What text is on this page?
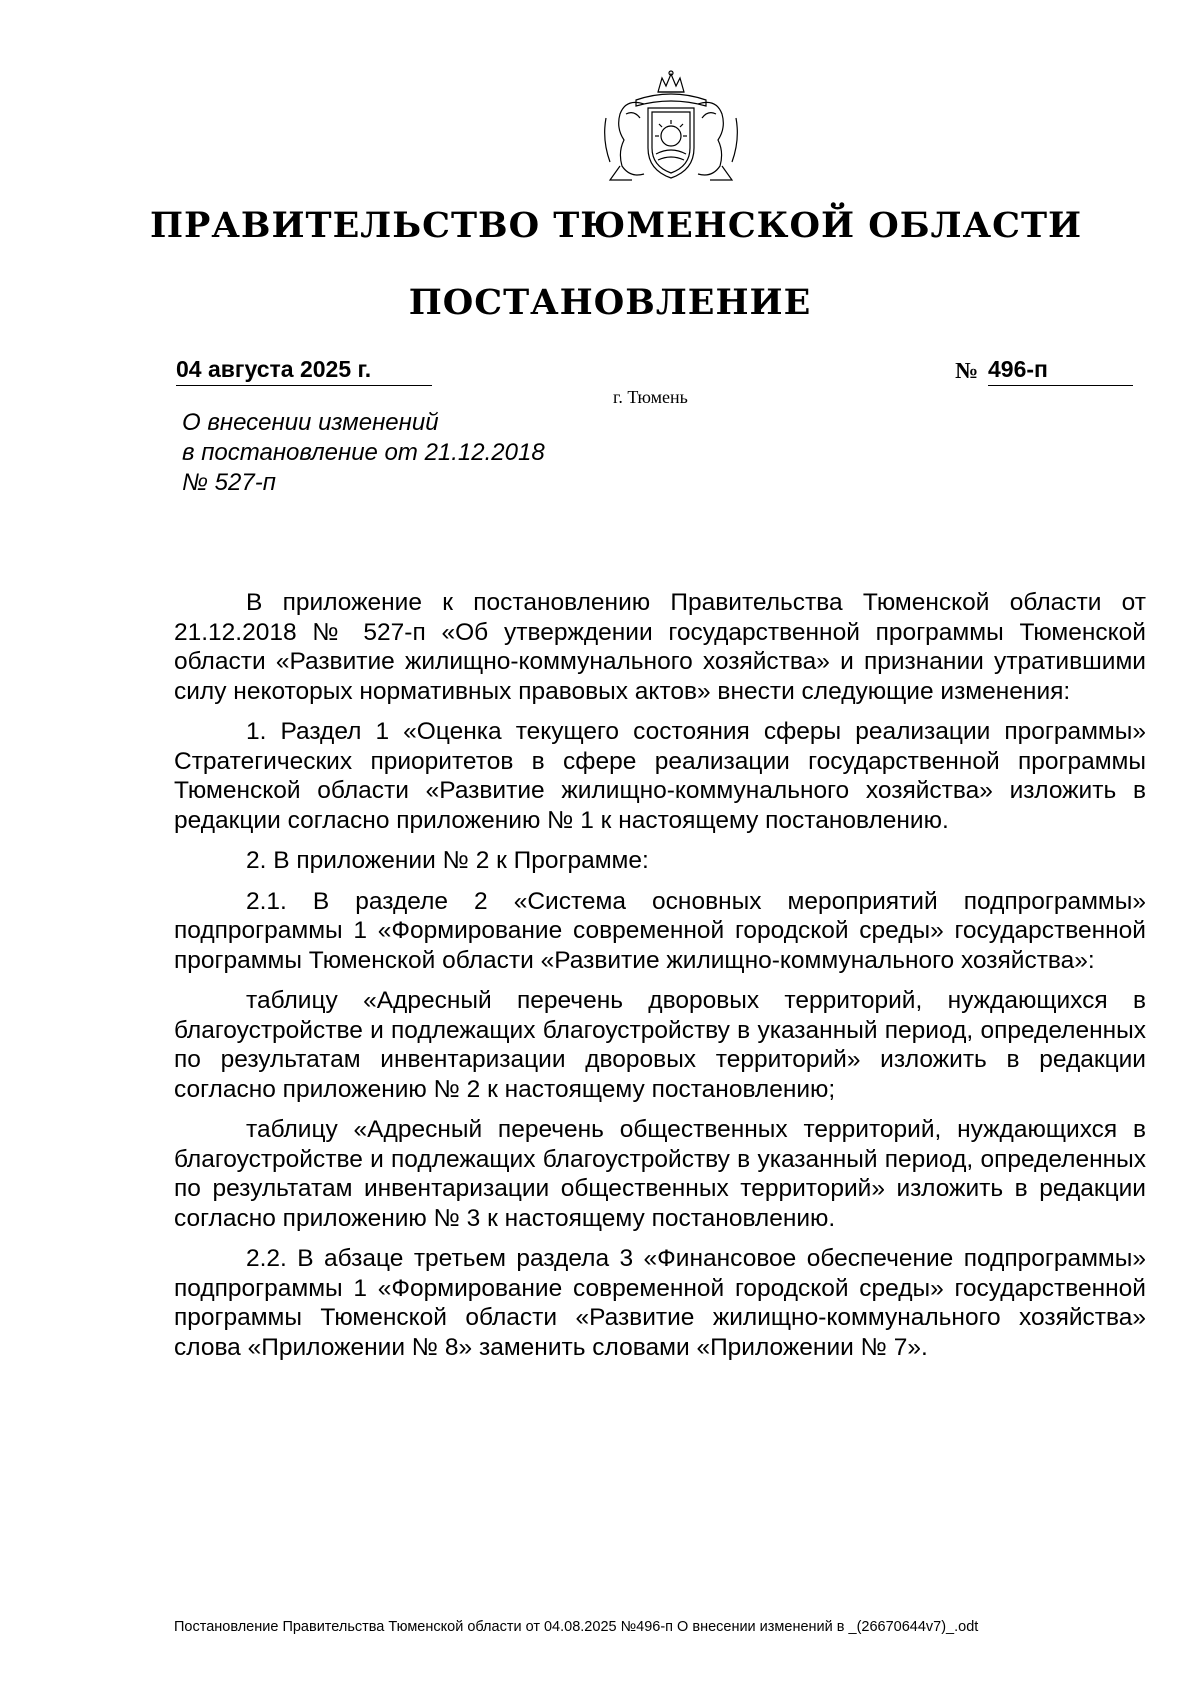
ПРАВИТЕЛЬСТВО ТЮМЕНСКОЙ ОБЛАСТИ
ПОСТАНОВЛЕНИЕ
04 августа 2025 г.	№ 496-п
г. Тюмень
О внесении изменений
в постановление от 21.12.2018
№ 527-п

В приложение к постановлению Правительства Тюменской области от 21.12.2018 № 527-п «Об утверждении государственной программы Тюменской области «Развитие жилищно-коммунального хозяйства» и признании утратившими силу некоторых нормативных правовых актов» внести следующие изменения:

1. Раздел 1 «Оценка текущего состояния сферы реализации программы» Стратегических приоритетов в сфере реализации государственной программы Тюменской области «Развитие жилищно-коммунального хозяйства» изложить в редакции согласно приложению № 1 к настоящему постановлению.

2. В приложении № 2 к Программе:

2.1. В разделе 2 «Система основных мероприятий подпрограммы» подпрограммы 1 «Формирование современной городской среды» государственной программы Тюменской области «Развитие жилищно-коммунального хозяйства»:

таблицу «Адресный перечень дворовых территорий, нуждающихся в благоустройстве и подлежащих благоустройству в указанный период, определенных по результатам инвентаризации дворовых территорий» изложить в редакции согласно приложению № 2 к настоящему постановлению;

таблицу «Адресный перечень общественных территорий, нуждающихся в благоустройстве и подлежащих благоустройству в указанный период, определенных по результатам инвентаризации общественных территорий» изложить в редакции согласно приложению № 3 к настоящему постановлению.

2.2. В абзаце третьем раздела 3 «Финансовое обеспечение подпрограммы» подпрограммы 1 «Формирование современной городской среды» государственной программы Тюменской области «Развитие жилищно-коммунального хозяйства» слова «Приложении № 8» заменить словами «Приложении № 7».

Постановление Правительства Тюменской области от 04.08.2025 №496-п О внесении изменений в _(26670644v7)_.odt
